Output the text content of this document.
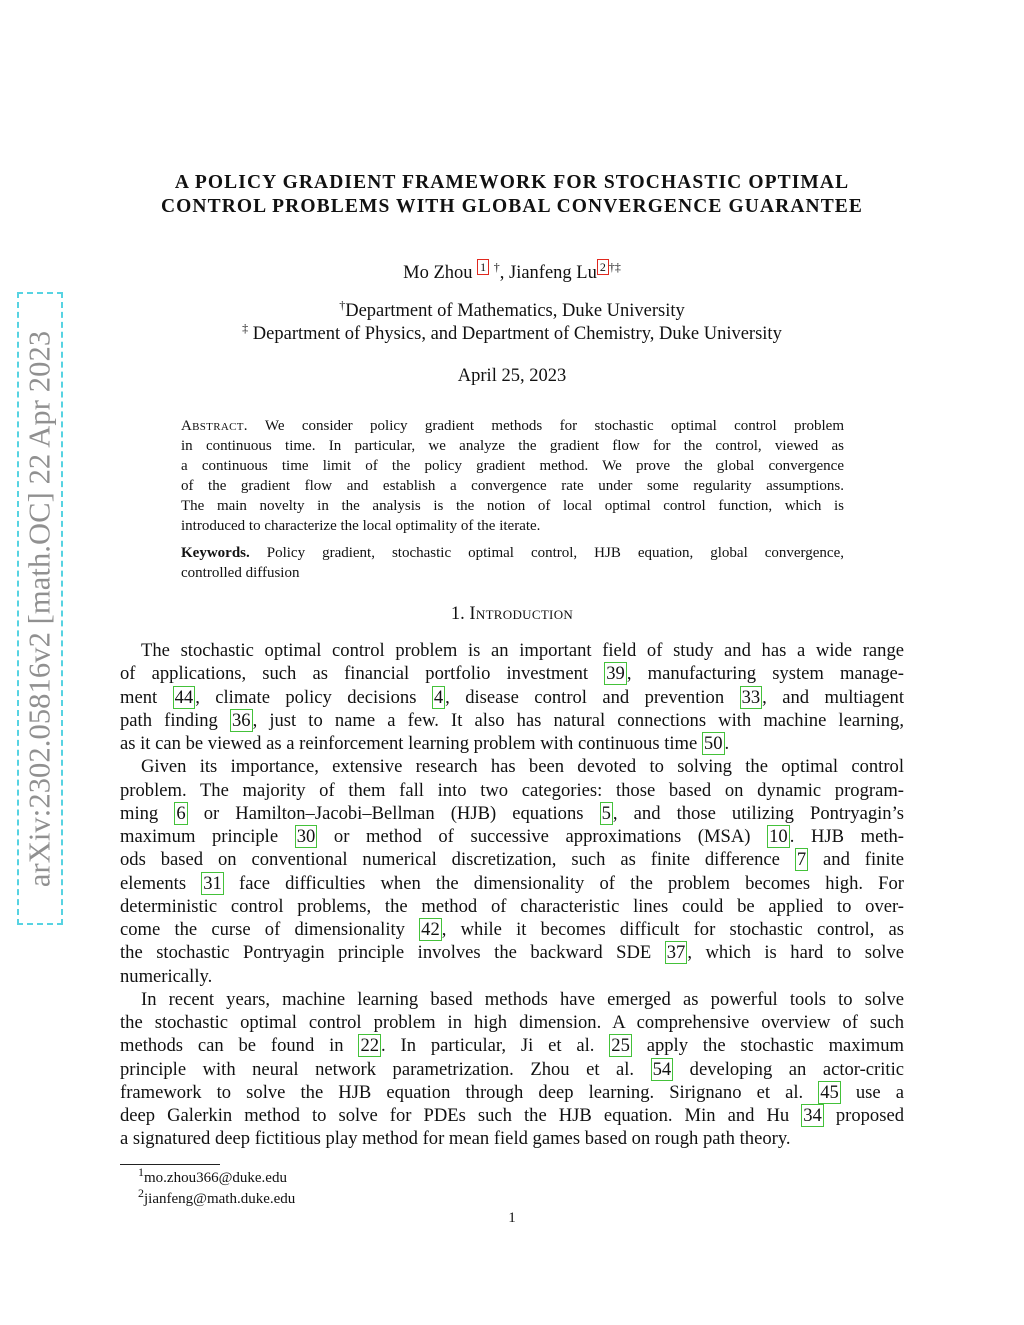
arXiv:2302.05816v2 [math.OC] 22 Apr 2023
A POLICY GRADIENT FRAMEWORK FOR STOCHASTIC OPTIMAL
CONTROL PROBLEMS WITH GLOBAL CONVERGENCE GUARANTEE
Mo Zhou $^1$ †, Jianfeng Lu $^2$ †‡
†Department of Mathematics, Duke University
‡ Department of Physics, and Department of Chemistry, Duke University
April 25, 2023

Abstract. We consider policy gradient methods for stochastic optimal control problem
in continuous time. In particular, we analyze the gradient flow for the control, viewed as
a continuous time limit of the policy gradient method. We prove the global convergence
of the gradient flow and establish a convergence rate under some regularity assumptions.
The main novelty in the analysis is the notion of local optimal control function, which is
introduced to characterize the local optimality of the iterate.

Keywords. Policy gradient, stochastic optimal control, HJB equation, global convergence,
controlled diffusion

1. Introduction
The stochastic optimal control problem is an important field of study and has a wide range
of applications, such as financial portfolio investment 39 , manufacturing system manage-
ment 44 , climate policy decisions 4 , disease control and prevention 33 , and multiagent
path finding 36 , just to name a few. It also has natural connections with machine learning,
as it can be viewed as a reinforcement learning problem with continuous time 50 .
Given its importance, extensive research has been devoted to solving the optimal control
problem. The majority of them fall into two categories: those based on dynamic program-
ming 6 or Hamilton–Jacobi–Bellman (HJB) equations 5 , and those utilizing Pontryagin’s
maximum principle 30 or method of successive approximations (MSA) 10 . HJB meth-
ods based on conventional numerical discretization, such as finite difference 7 and finite
elements 31 face difficulties when the dimensionality of the problem becomes high. For
deterministic control problems, the method of characteristic lines could be applied to over-
come the curse of dimensionality 42 , while it becomes difficult for stochastic control, as
the stochastic Pontryagin principle involves the backward SDE 37 , which is hard to solve
numerically.
In recent years, machine learning based methods have emerged as powerful tools to solve
the stochastic optimal control problem in high dimension. A comprehensive overview of such
methods can be found in 22 . In particular, Ji et al. 25 apply the stochastic maximum
principle with neural network parametrization. Zhou et al. 54 developing an actor-critic
framework to solve the HJB equation through deep learning. Sirignano et al. 45 use a
deep Galerkin method to solve for PDEs such the HJB equation. Min and Hu 34 proposed
a signatured deep fictitious play method for mean field games based on rough path theory.
$^1$mo.zhou366@duke.edu
$^2$jianfeng@math.duke.edu
1
